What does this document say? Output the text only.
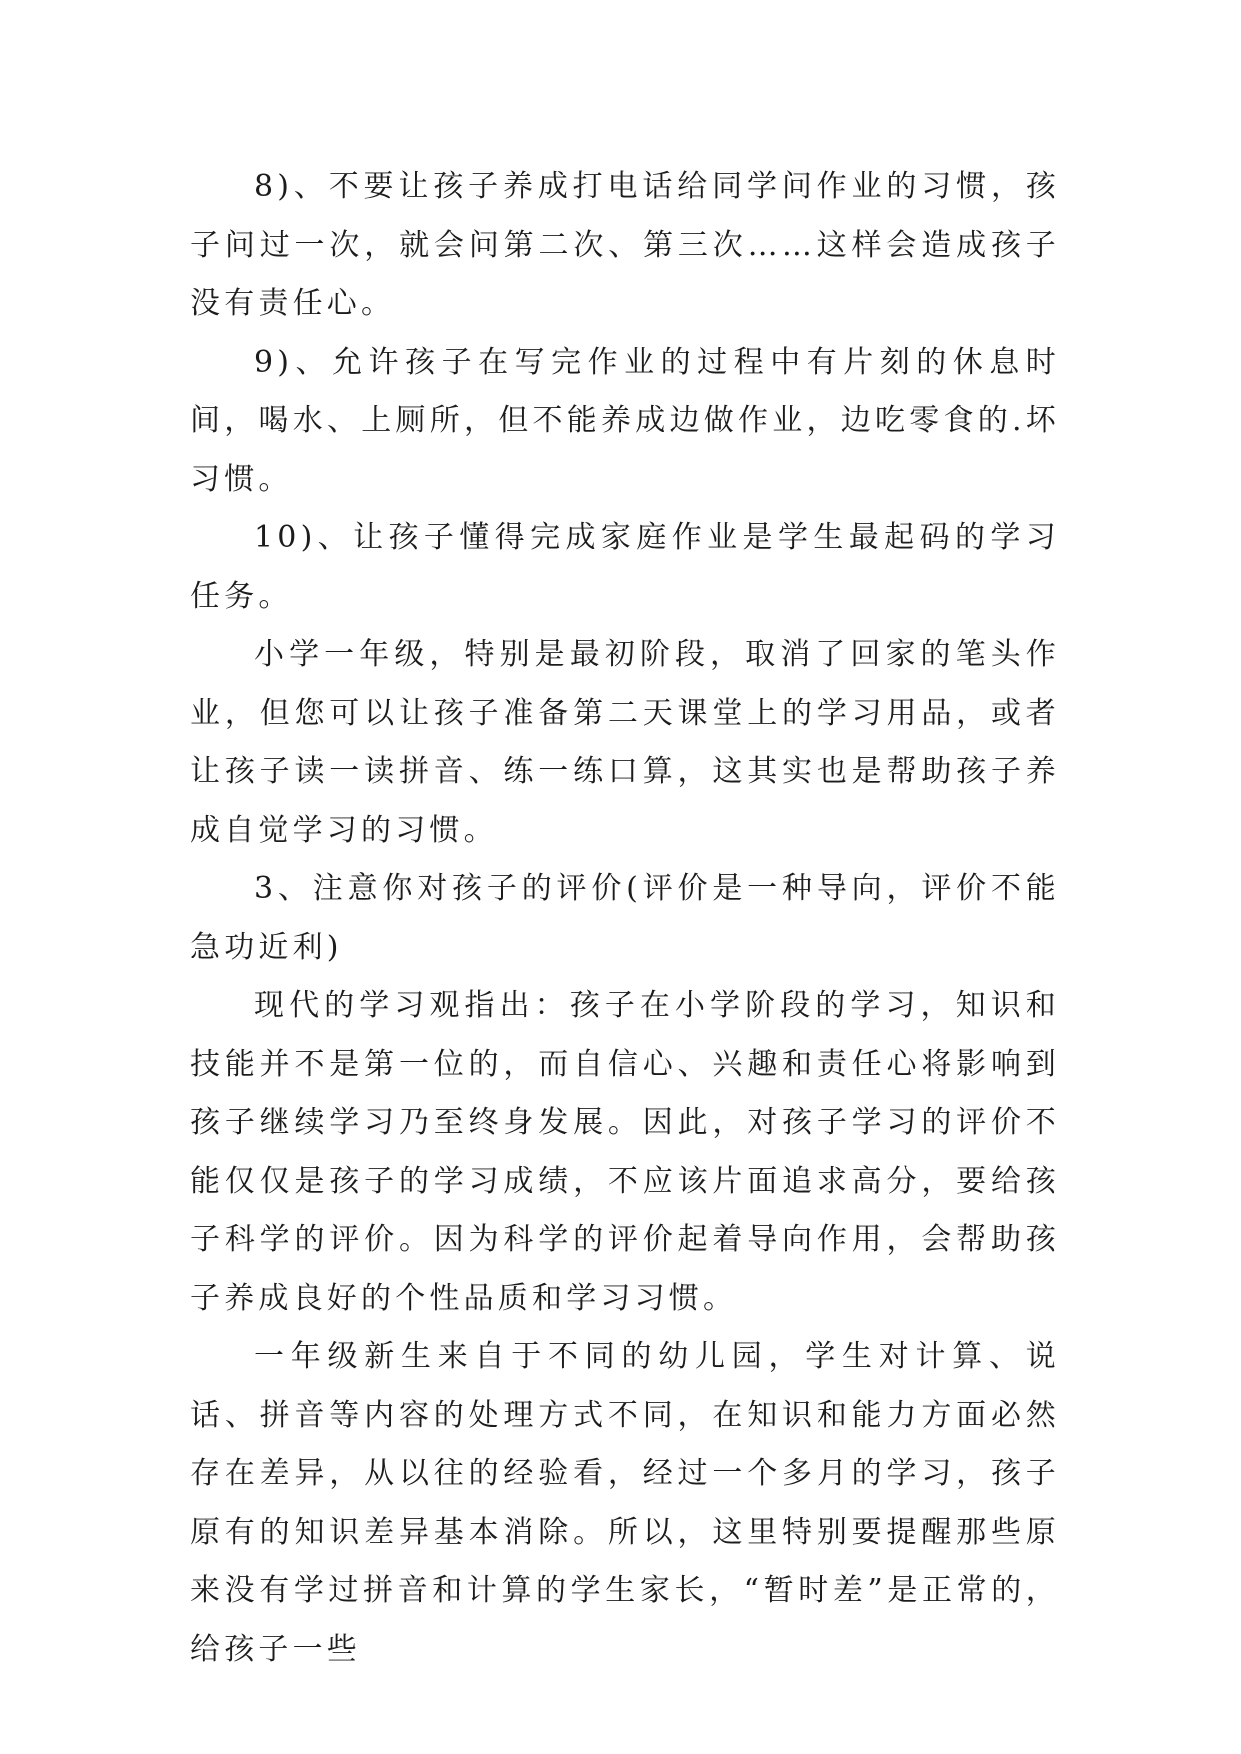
8)、不要让孩子养成打电话给同学问作业的习惯，孩子问过一次，就会问第二次、第三次……这样会造成孩子没有责任心。

9)、允许孩子在写完作业的过程中有片刻的休息时间，喝水、上厕所，但不能养成边做作业，边吃零食的.坏习惯。

10)、让孩子懂得完成家庭作业是学生最起码的学习任务。

小学一年级，特别是最初阶段，取消了回家的笔头作业，但您可以让孩子准备第二天课堂上的学习用品，或者让孩子读一读拼音、练一练口算，这其实也是帮助孩子养成自觉学习的习惯。

3、注意你对孩子的评价(评价是一种导向，评价不能急功近利)

现代的学习观指出：孩子在小学阶段的学习，知识和技能并不是第一位的，而自信心、兴趣和责任心将影响到孩子继续学习乃至终身发展。因此，对孩子学习的评价不能仅仅是孩子的学习成绩，不应该片面追求高分，要给孩子科学的评价。因为科学的评价起着导向作用，会帮助孩子养成良好的个性品质和学习习惯。

一年级新生来自于不同的幼儿园，学生对计算、说话、拼音等内容的处理方式不同，在知识和能力方面必然存在差异，从以往的经验看，经过一个多月的学习，孩子原有的知识差异基本消除。所以，这里特别要提醒那些原来没有学过拼音和计算的学生家长，“暂时差”是正常的，给孩子一些
